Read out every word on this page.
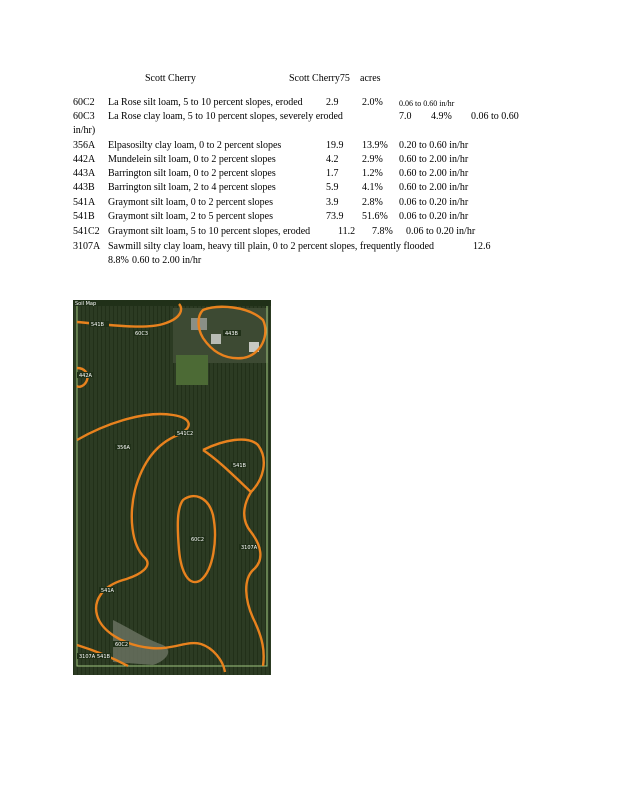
Scott Cherry	Scott Cherry75 acres
60C2 La Rose silt loam, 5 to 10 percent slopes, eroded 2.9 2.0% 0.06 to 0.60 in/hr
60C3 La Rose clay loam, 5 to 10 percent slopes, severely eroded	7.0 4.9% 0.06 to 0.60
in/hr)
356A Elpasosilty clay loam, 0 to 2 percent slopes	19.9 13.9% 0.20 to 0.60 in/hr
442A Mundelein silt loam, 0 to 2 percent slopes	4.2 2.9% 0.60 to 2.00 in/hr
443A Barrington silt loam, 0 to 2 percent slopes	1.7 1.2% 0.60 to 2.00 in/hr
443B Barrington silt loam, 2 to 4 percent slopes	5.9 4.1% 0.60 to 2.00 in/hr
541A Graymont silt loam, 0 to 2 percent slopes	3.9 2.8% 0.06 to 0.20 in/hr
541B Graymont silt loam, 2 to 5 percent slopes	73.9 51.6% 0.06 to 0.20 in/hr
541C2 Graymont silt loam, 5 to 10 percent slopes, eroded	11.2 7.8% 0.06 to 0.20 in/hr
3107A Sawmill silty clay loam, heavy till plain, 0 to 2 percent slopes, frequently flooded	12.6
8.8% 0.60 to 2.00 in/hr
Soil Map
541B
60C3	443B
442A
541C2
541B
356A
60C2
3107A
541A
60C2
3107A 541B
